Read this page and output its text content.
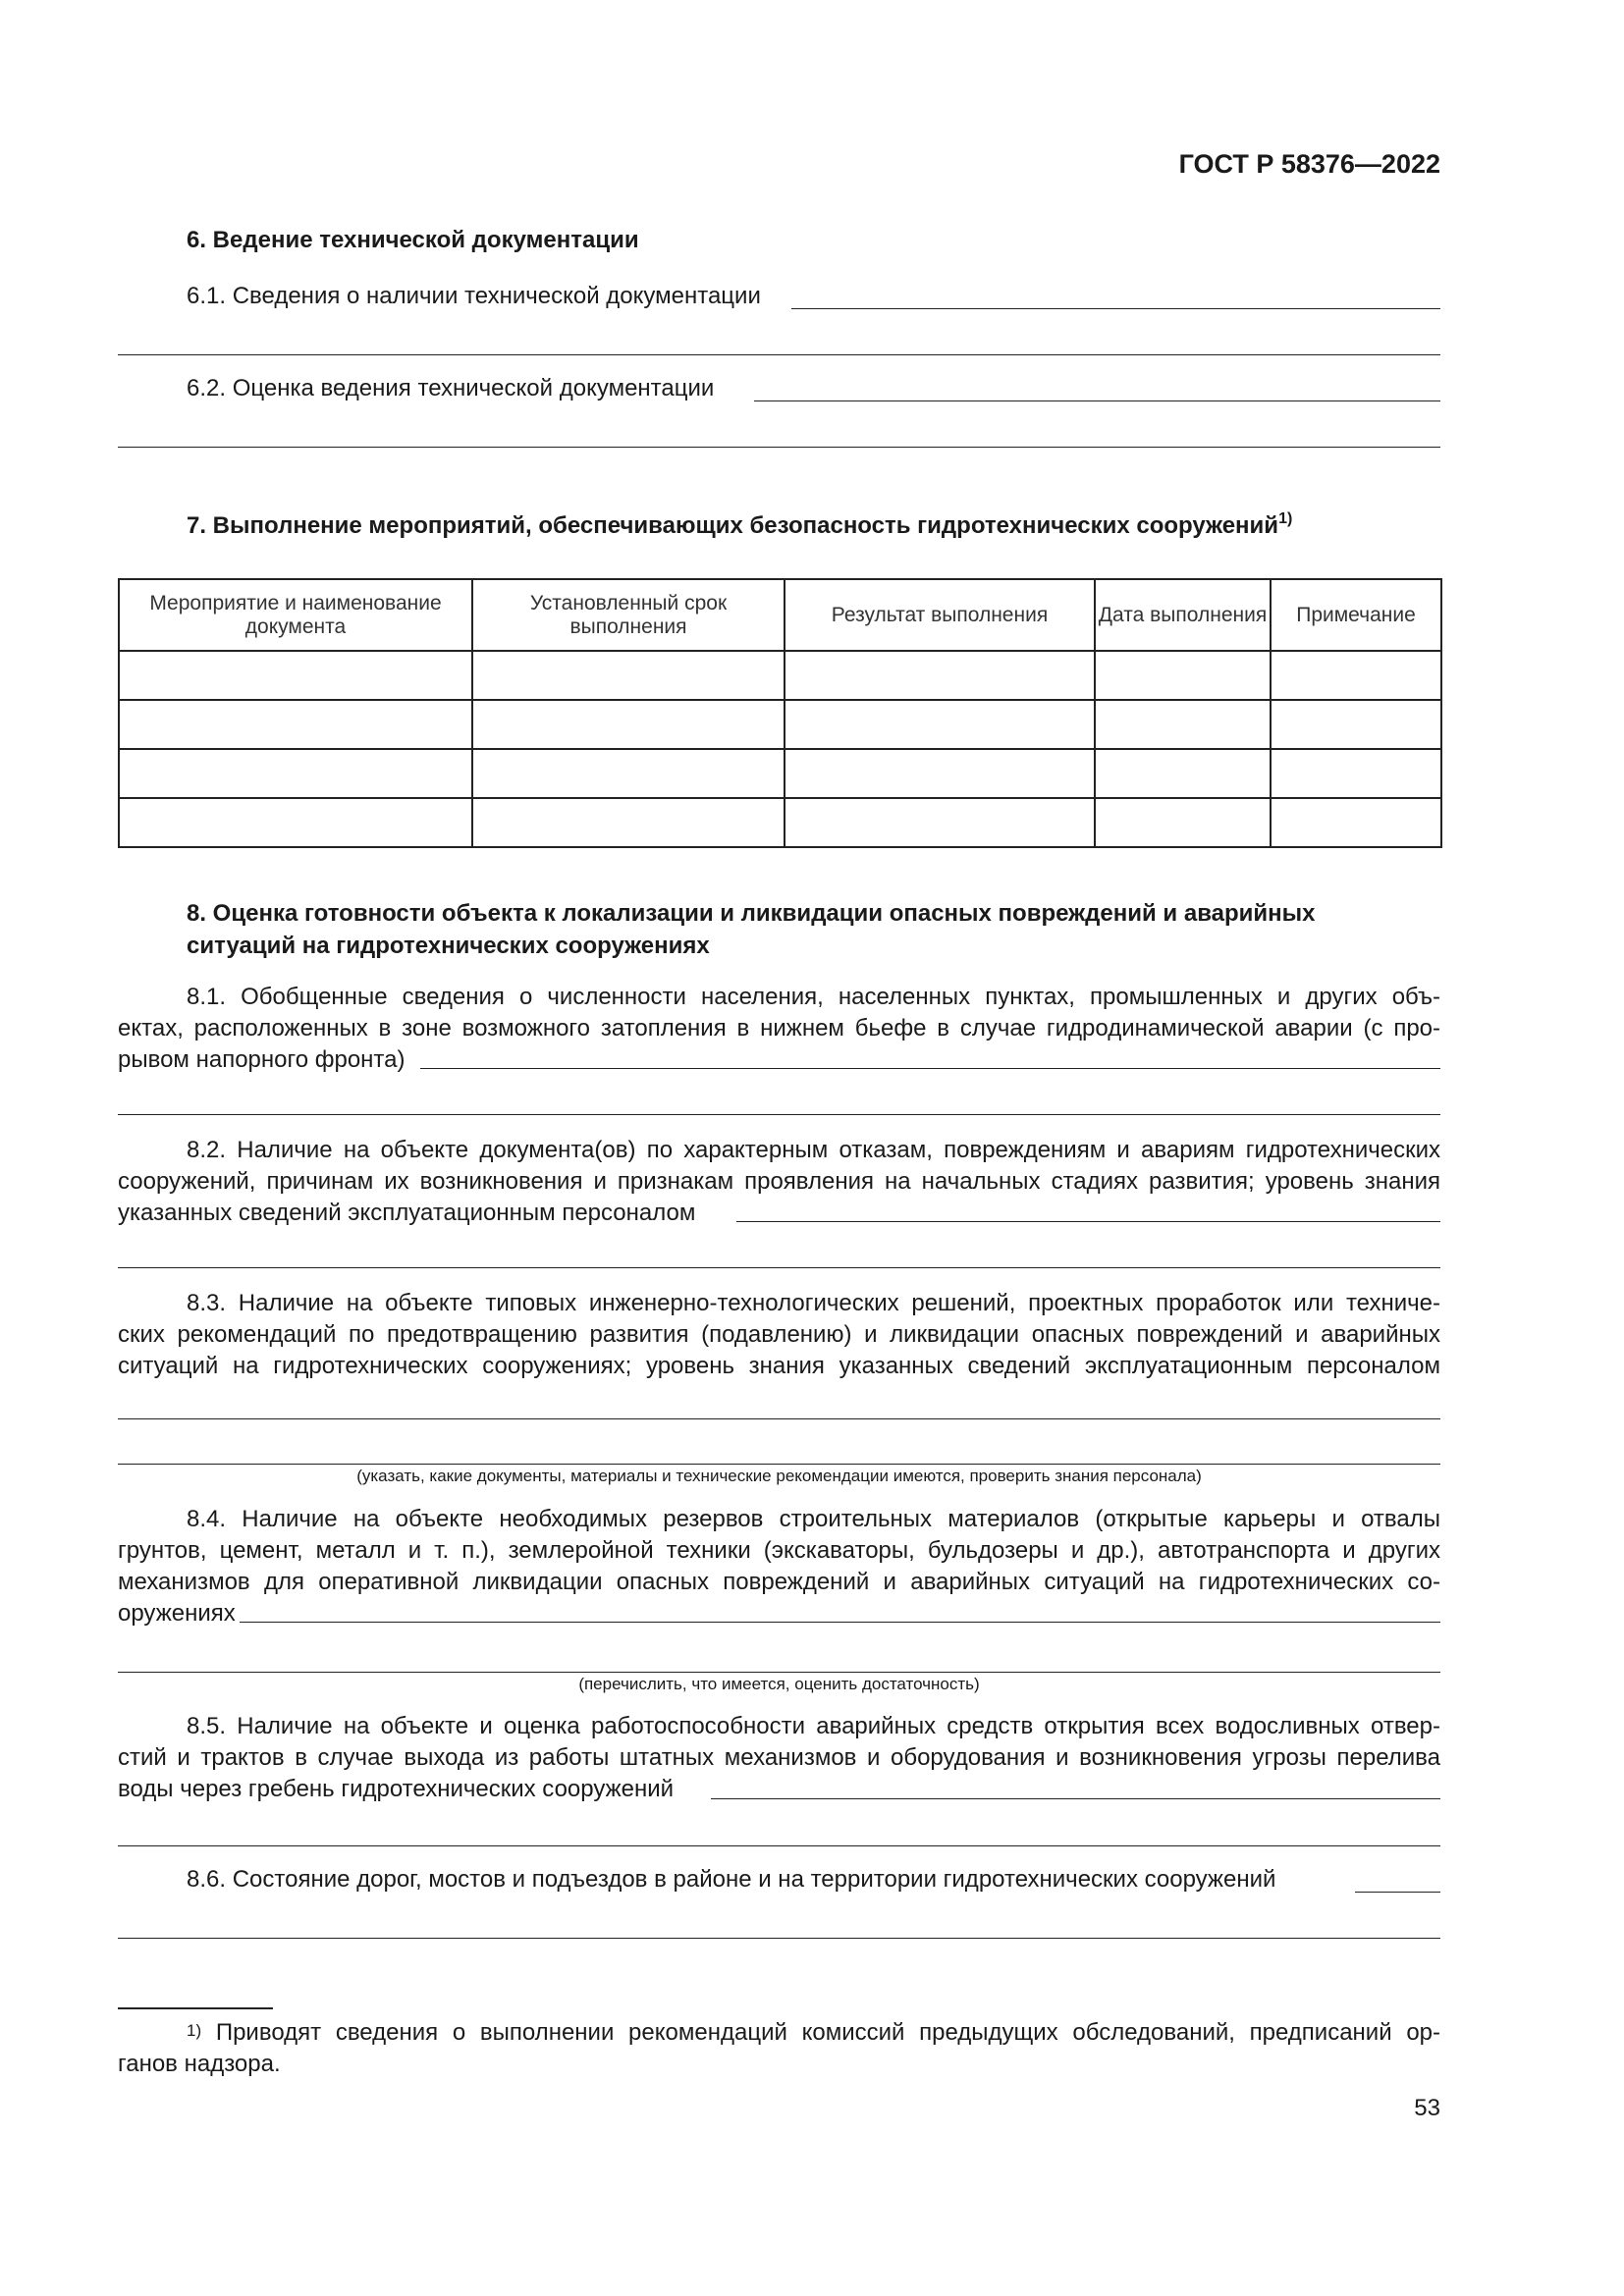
ГОСТ Р 58376—2022
6. Ведение технической документации
6.1. Сведения о наличии технической документации
6.2. Оценка ведения технической документации
7. Выполнение мероприятий, обеспечивающих безопасность гидротехнических сооружений$^{1)}$
Мероприятие и наименование документа	Установленный срок выполнения	Результат выполнения	Дата выполнения	Примечание

8. Оценка готовности объекта к локализации и ликвидации опасных повреждений и аварийных
ситуаций на гидротехнических сооружениях
8.1. Обобщенные сведения о численности населения, населенных пунктах, промышленных и других объ-
ектах, расположенных в зоне возможного затопления в нижнем бьефе в случае гидродинамической аварии (с про-
рывом напорного фронта)
8.2. Наличие на объекте документа(ов) по характерным отказам, повреждениям и авариям гидротехнических
сооружений, причинам их возникновения и признакам проявления на начальных стадиях развития; уровень знания
указанных сведений эксплуатационным персоналом
8.3. Наличие на объекте типовых инженерно-технологических решений, проектных проработок или техниче-
ских рекомендаций по предотвращению развития (подавлению) и ликвидации опасных повреждений и аварийных
ситуаций на гидротехнических сооружениях; уровень знания указанных сведений эксплуатационным персоналом
(указать, какие документы, материалы и технические рекомендации имеются, проверить знания персонала)
8.4. Наличие на объекте необходимых резервов строительных материалов (открытые карьеры и отвалы
грунтов, цемент, металл и т. п.), землеройной техники (экскаваторы, бульдозеры и др.), автотранспорта и других
механизмов для оперативной ликвидации опасных повреждений и аварийных ситуаций на гидротехнических со-
оружениях
(перечислить, что имеется, оценить достаточность)
8.5. Наличие на объекте и оценка работоспособности аварийных средств открытия всех водосливных отвер-
стий и трактов в случае выхода из работы штатных механизмов и оборудования и возникновения угрозы перелива
воды через гребень гидротехнических сооружений
8.6. Состояние дорог, мостов и подъездов в районе и на территории гидротехнических сооружений
$^{1)}$ Приводят сведения о выполнении рекомендаций комиссий предыдущих обследований, предписаний ор-
ганов надзора.
53
